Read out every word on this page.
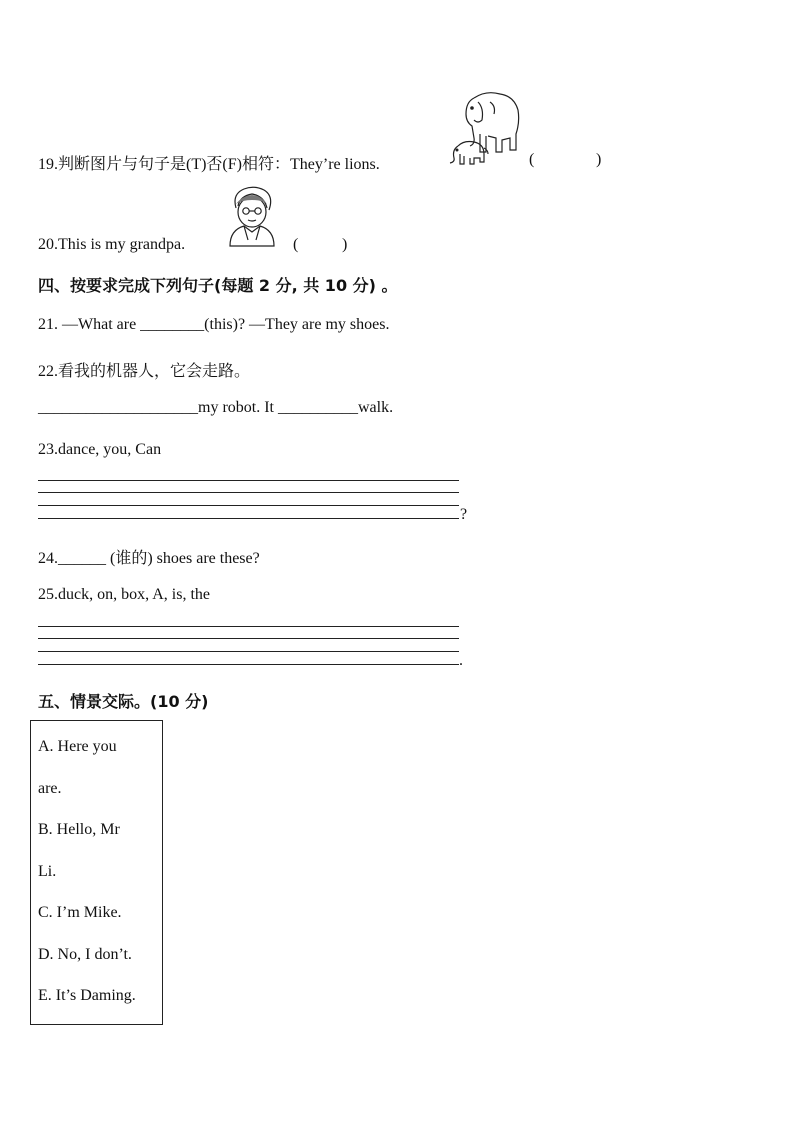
19.判断图片与句子是(T)否(F)相符：They’re lions.	(	)
20.This is my grandpa.	(	)
四、按要求完成下列句子(每题 2 分, 共 10 分) 。
21. —What are ________(this)? —They are my shoes.
22.看我的机器人，它会走路。
____________________my robot. It __________walk.
23.dance, you, Can
?
24.______ (谁的) shoes are these?
25.duck, on, box, A, is, the
.
五、情景交际。(10 分)
A. Here you
are.
B. Hello, Mr
Li.
C. I’m Mike.
D. No, I don’t.
E. It’s Daming.
